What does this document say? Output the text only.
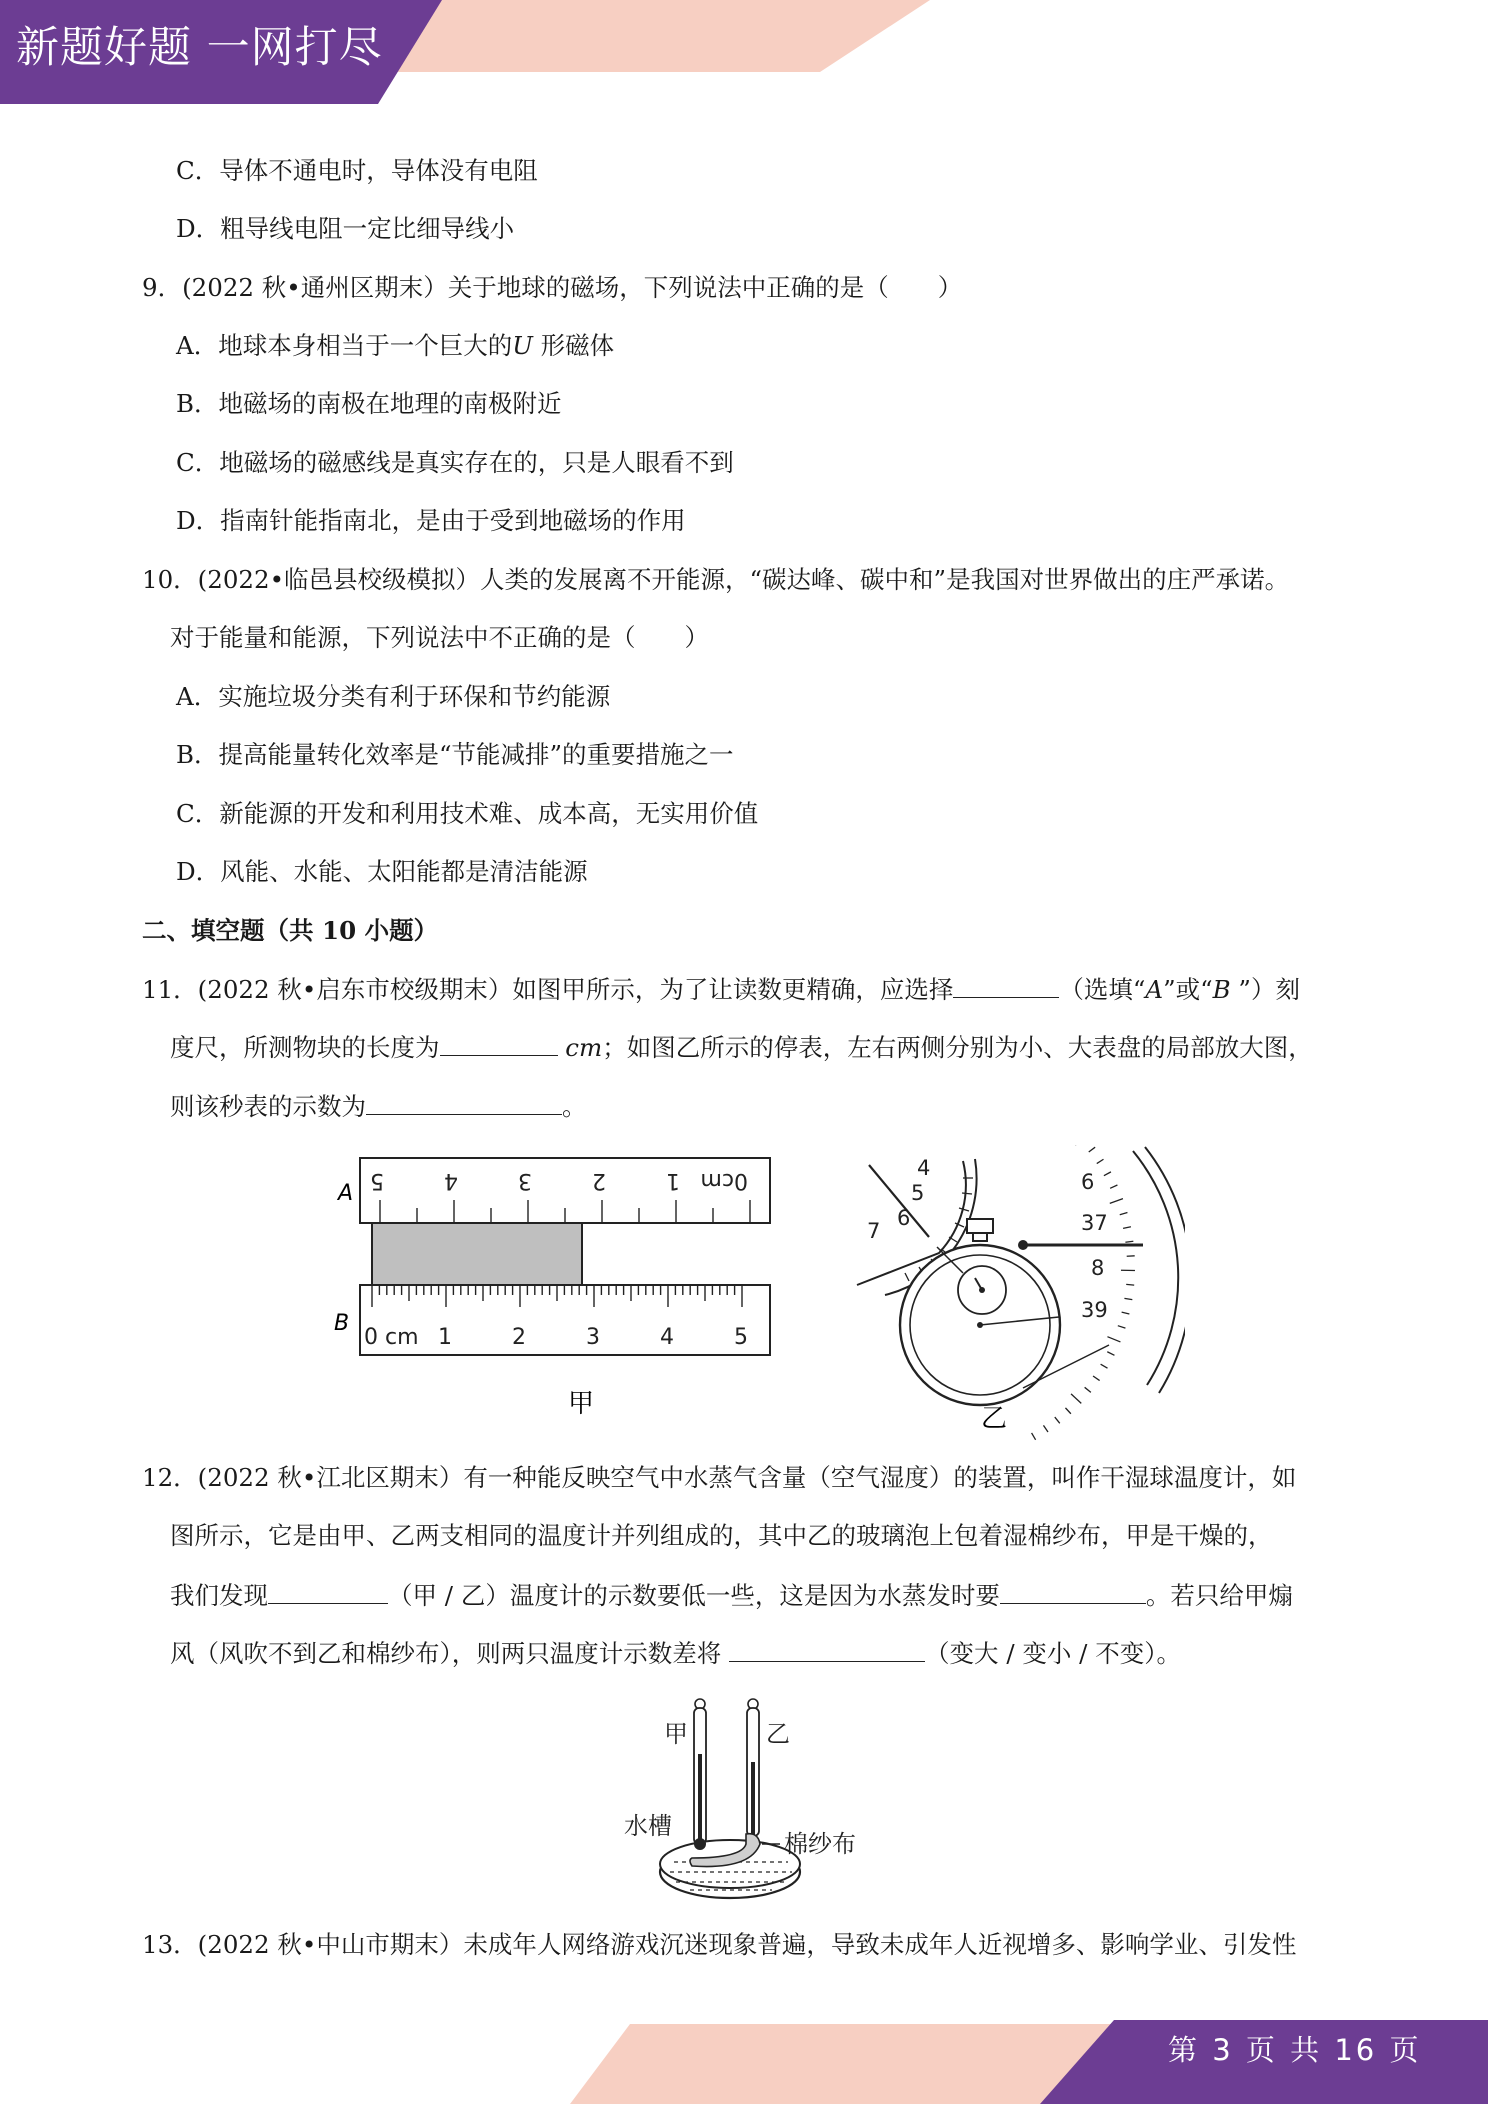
新题好题 一网打尽
C．导体不通电时，导体没有电阻
D．粗导线电阻一定比细导线小
9．(2022 秋•通州区期末）关于地球的磁场，下列说法中正确的是（　　）
A．地球本身相当于一个巨大的U 形磁体
B．地磁场的南极在地理的南极附近
C．地磁场的磁感线是真实存在的，只是人眼看不到
D．指南针能指南北，是由于受到地磁场的作用
10．(2022•临邑县校级模拟）人类的发展离不开能源，“碳达峰、碳中和”是我国对世界做出的庄严承诺。
对于能量和能源，下列说法中不正确的是（　　）
A．实施垃圾分类有利于环保和节约能源
B．提高能量转化效率是“节能减排”的重要措施之一
C．新能源的开发和利用技术难、成本高，无实用价值
D．风能、水能、太阳能都是清洁能源
二、填空题（共 10 小题）
11．(2022 秋•启东市校级期末）如图甲所示，为了让读数更精确，应选择	（选填“A”或“B ”）刻
度尺，所测物块的长度为	cm；如图乙所示的停表，左右两侧分别为小、大表盘的局部放大图，
则该秒表的示数为	。
A
5	4	3	2	1 0cm
B
0 cm 1	2	3	4	5
甲
4
5
6
7
6
37
8
39
乙
12．(2022 秋•江北区期末）有一种能反映空气中水蒸气含量（空气湿度）的装置，叫作干湿球温度计，如
图所示，它是由甲、乙两支相同的温度计并列组成的，其中乙的玻璃泡上包着湿棉纱布，甲是干燥的，
我们发现	（甲 / 乙）温度计的示数要低一些，这是因为水蒸发时要	。若只给甲煽
风（风吹不到乙和棉纱布），则两只温度计示数差将	（变大 / 变小 / 不变）。
甲	乙
水槽
棉纱布
13．(2022 秋•中山市期末）未成年人网络游戏沉迷现象普遍，导致未成年人近视增多、影响学业、引发性
第 3 页 共 16 页
